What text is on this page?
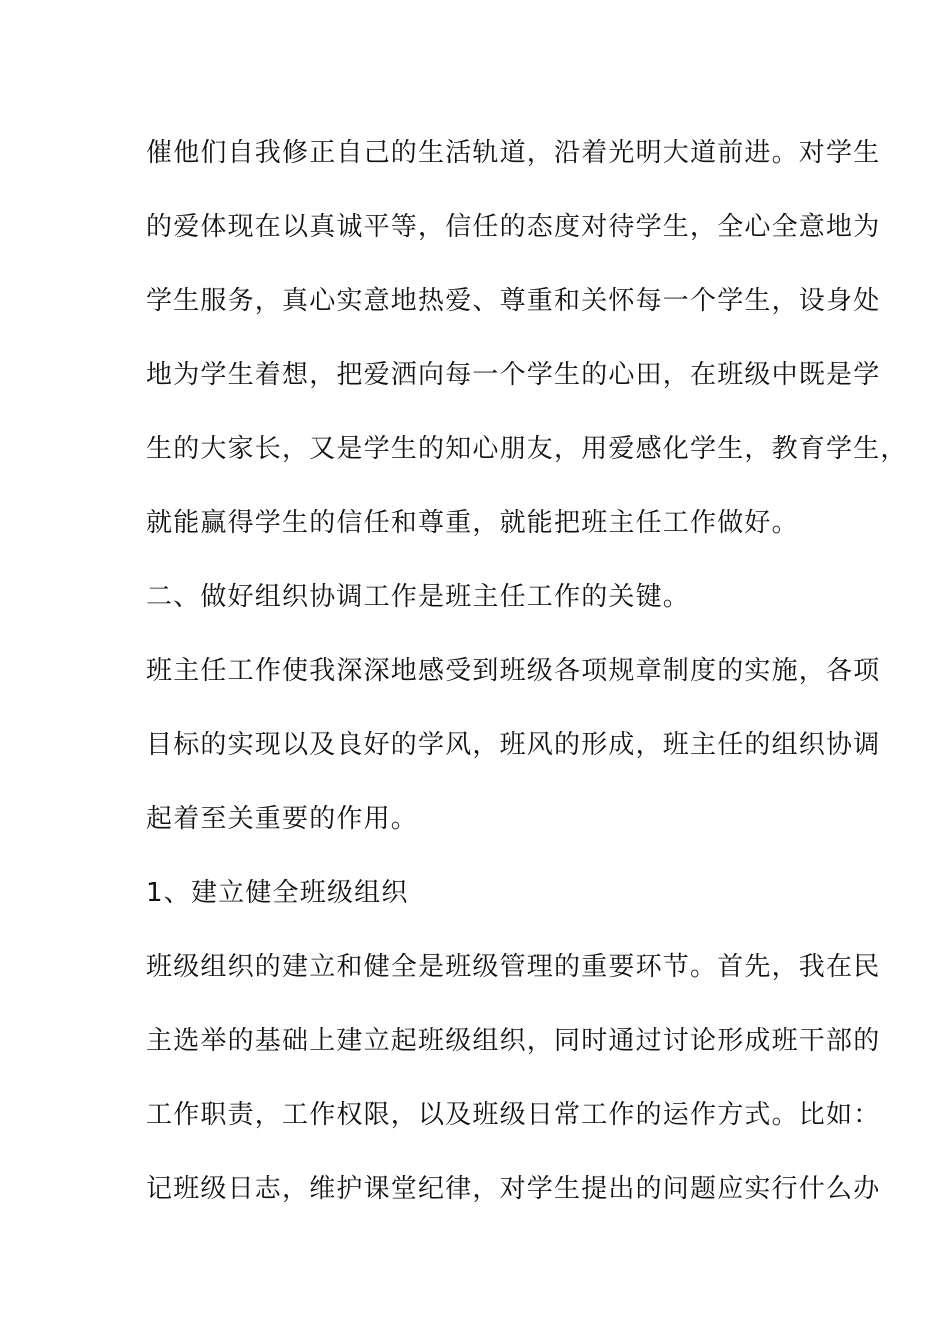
催他们自我修正自己的生活轨道，沿着光明大道前进。对学生
的爱体现在以真诚平等，信任的态度对待学生，全心全意地为
学生服务，真心实意地热爱、尊重和关怀每一个学生，设身处
地为学生着想，把爱洒向每一个学生的心田，在班级中既是学
生的大家长，又是学生的知心朋友，用爱感化学生，教育学生，
就能赢得学生的信任和尊重，就能把班主任工作做好。
二、做好组织协调工作是班主任工作的关键。
班主任工作使我深深地感受到班级各项规章制度的实施，各项
目标的实现以及良好的学风，班风的形成，班主任的组织协调
起着至关重要的作用。
1、建立健全班级组织
班级组织的建立和健全是班级管理的重要环节。首先，我在民
主选举的基础上建立起班级组织，同时通过讨论形成班干部的
工作职责，工作权限，以及班级日常工作的运作方式。比如：
记班级日志，维护课堂纪律，对学生提出的问题应实行什么办
